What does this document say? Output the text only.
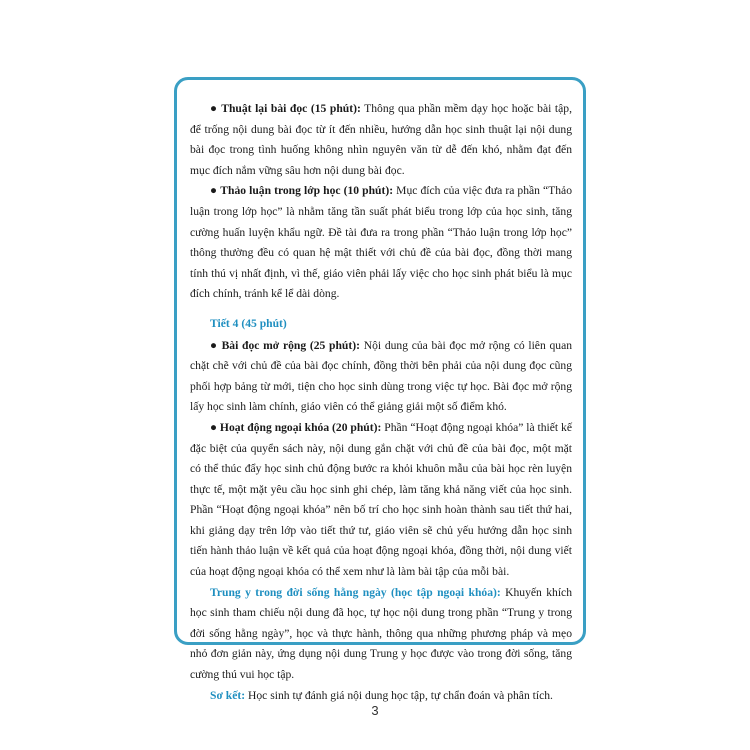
● Thuật lại bài đọc (15 phút): Thông qua phần mềm dạy học hoặc bài tập, để trống nội dung bài đọc từ ít đến nhiều, hướng dẫn học sinh thuật lại nội dung bài đọc trong tình huống không nhìn nguyên văn từ dễ đến khó, nhằm đạt đến mục đích nắm vững sâu hơn nội dung bài đọc.

● Thảo luận trong lớp học (10 phút): Mục đích của việc đưa ra phần “Thảo luận trong lớp học” là nhằm tăng tần suất phát biểu trong lớp của học sinh, tăng cường huấn luyện khẩu ngữ. Đề tài đưa ra trong phần “Thảo luận trong lớp học” thông thường đều có quan hệ mật thiết với chủ đề của bài đọc, đồng thời mang tính thú vị nhất định, vì thế, giáo viên phải lấy việc cho học sinh phát biểu là mục đích chính, tránh kể lể dài dòng.

Tiết 4 (45 phút)

● Bài đọc mở rộng (25 phút): Nội dung của bài đọc mở rộng có liên quan chặt chẽ với chủ đề của bài đọc chính, đồng thời bên phải của nội dung đọc cũng phối hợp bảng từ mới, tiện cho học sinh dùng trong việc tự học. Bài đọc mở rộng lấy học sinh làm chính, giáo viên có thể giảng giải một số điểm khó.

● Hoạt động ngoại khóa (20 phút): Phần “Hoạt động ngoại khóa” là thiết kế đặc biệt của quyển sách này, nội dung gắn chặt với chủ đề của bài đọc, một mặt có thể thúc đẩy học sinh chủ động bước ra khỏi khuôn mẫu của bài học rèn luyện thực tế, một mặt yêu cầu học sinh ghi chép, làm tăng khả năng viết của học sinh. Phần “Hoạt động ngoại khóa” nên bố trí cho học sinh hoàn thành sau tiết thứ hai, khi giảng dạy trên lớp vào tiết thứ tư, giáo viên sẽ chủ yếu hướng dẫn học sinh tiến hành thảo luận về kết quả của hoạt động ngoại khóa, đồng thời, nội dung viết của hoạt động ngoại khóa có thể xem như là làm bài tập của mỗi bài.

Trung y trong đời sống hằng ngày (học tập ngoại khóa): Khuyến khích học sinh tham chiếu nội dung đã học, tự học nội dung trong phần “Trung y trong đời sống hằng ngày”, học và thực hành, thông qua những phương pháp và mẹo nhỏ đơn giản này, ứng dụng nội dung Trung y học được vào trong đời sống, tăng cường thú vui học tập.

Sơ kết: Học sinh tự đánh giá nội dung học tập, tự chẩn đoán và phân tích.

3
